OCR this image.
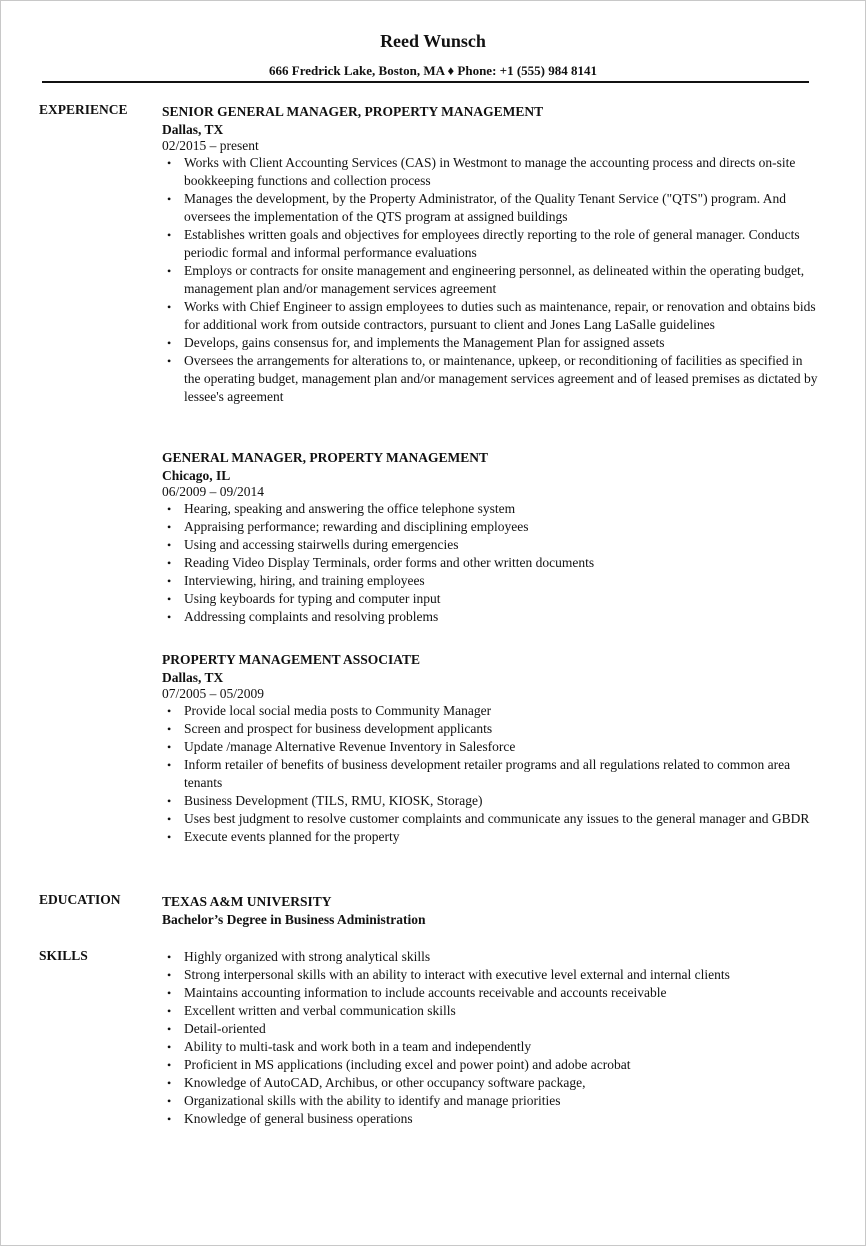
Reed Wunsch
666 Fredrick Lake, Boston, MA ♦ Phone: +1 (555) 984 8141
EXPERIENCE	SENIOR GENERAL MANAGER, PROPERTY MANAGEMENT
Dallas, TX
02/2015 – present
• Works with Client Accounting Services (CAS) in Westmont to manage the accounting process and directs on-site bookkeeping functions and collection process
• Manages the development, by the Property Administrator, of the Quality Tenant Service ("QTS") program. And oversees the implementation of the QTS program at assigned buildings
• Establishes written goals and objectives for employees directly reporting to the role of general manager. Conducts periodic formal and informal performance evaluations
• Employs or contracts for onsite management and engineering personnel, as delineated within the operating budget, management plan and/or management services agreement
• Works with Chief Engineer to assign employees to duties such as maintenance, repair, or renovation and obtains bids for additional work from outside contractors, pursuant to client and Jones Lang LaSalle guidelines
• Develops, gains consensus for, and implements the Management Plan for assigned assets
• Oversees the arrangements for alterations to, or maintenance, upkeep, or reconditioning of facilities as specified in the operating budget, management plan and/or management services agreement and of leased premises as dictated by lessee's agreement
GENERAL MANAGER, PROPERTY MANAGEMENT
Chicago, IL
06/2009 – 09/2014
• Hearing, speaking and answering the office telephone system
• Appraising performance; rewarding and disciplining employees
• Using and accessing stairwells during emergencies
• Reading Video Display Terminals, order forms and other written documents
• Interviewing, hiring, and training employees
• Using keyboards for typing and computer input
• Addressing complaints and resolving problems
PROPERTY MANAGEMENT ASSOCIATE
Dallas, TX
07/2005 – 05/2009
• Provide local social media posts to Community Manager
• Screen and prospect for business development applicants
• Update /manage Alternative Revenue Inventory in Salesforce
• Inform retailer of benefits of business development retailer programs and all regulations related to common area tenants
• Business Development (TILS, RMU, KIOSK, Storage)
• Uses best judgment to resolve customer complaints and communicate any issues to the general manager and GBDR
• Execute events planned for the property
EDUCATION	TEXAS A&M UNIVERSITY
Bachelor’s Degree in Business Administration
SKILLS	• Highly organized with strong analytical skills
• Strong interpersonal skills with an ability to interact with executive level external and internal clients
• Maintains accounting information to include accounts receivable and accounts receivable
• Excellent written and verbal communication skills
• Detail-oriented
• Ability to multi-task and work both in a team and independently
• Proficient in MS applications (including excel and power point) and adobe acrobat
• Knowledge of AutoCAD, Archibus, or other occupancy software package,
• Organizational skills with the ability to identify and manage priorities
• Knowledge of general business operations
